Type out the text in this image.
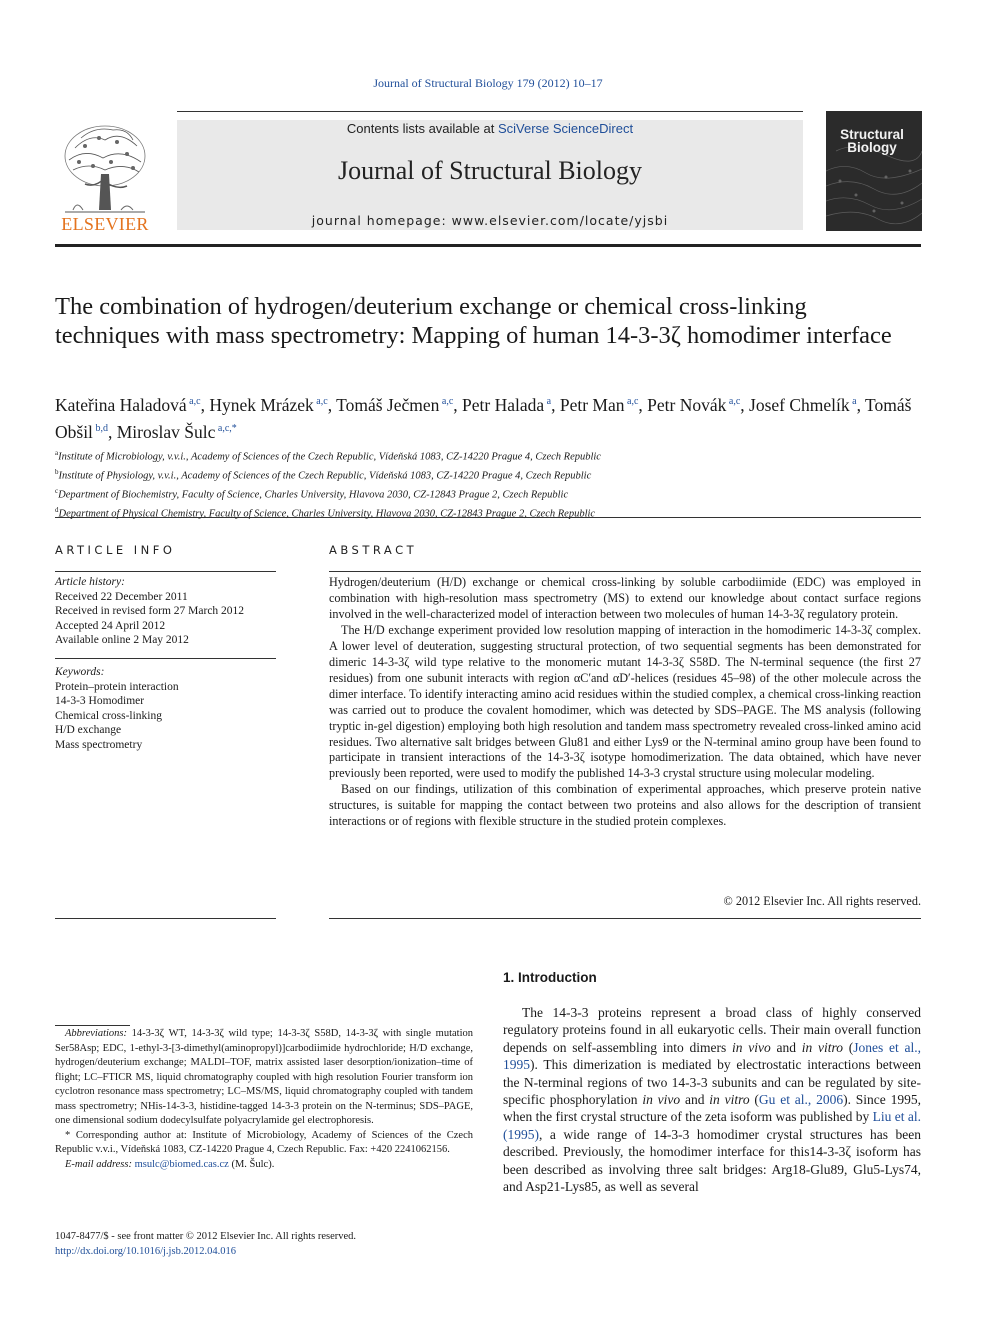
Journal of Structural Biology 179 (2012) 10–17
Contents lists available at SciVerse ScienceDirect
Journal of Structural Biology
journal homepage: www.elsevier.com/locate/yjsbi
ELSEVIER
Structural Biology
The combination of hydrogen/deuterium exchange or chemical cross-linking techniques with mass spectrometry: Mapping of human 14-3-3ζ homodimer interface
Kateřina Haladová $^{a,c}$, Hynek Mrázek $^{a,c}$, Tomáš Ječmen $^{a,c}$, Petr Halada $^a$, Petr Man $^{a,c}$, Petr Novák $^{a,c}$, Josef Chmelík $^a$, Tomáš Obšil $^{b,d}$, Miroslav Šulc $^{a,c,*}$
$^a$Institute of Microbiology, v.v.i., Academy of Sciences of the Czech Republic, Vídeňská 1083, CZ-14220 Prague 4, Czech Republic
$^b$Institute of Physiology, v.v.i., Academy of Sciences of the Czech Republic, Vídeňská 1083, CZ-14220 Prague 4, Czech Republic
$^c$Department of Biochemistry, Faculty of Science, Charles University, Hlavova 2030, CZ-12843 Prague 2, Czech Republic
$^d$Department of Physical Chemistry, Faculty of Science, Charles University, Hlavova 2030, CZ-12843 Prague 2, Czech Republic
ARTICLE INFO
Article history:
Received 22 December 2011
Received in revised form 27 March 2012
Accepted 24 April 2012
Available online 2 May 2012
Keywords:
Protein–protein interaction
14-3-3 Homodimer
Chemical cross-linking
H/D exchange
Mass spectrometry
ABSTRACT

Hydrogen/deuterium (H/D) exchange or chemical cross-linking by soluble carbodiimide (EDC) was employed in combination with high-resolution mass spectrometry (MS) to extend our knowledge about contact surface regions involved in the well-characterized model of interaction between two molecules of human 14-3-3ζ regulatory protein.

The H/D exchange experiment provided low resolution mapping of interaction in the homodimeric 14-3-3ζ complex. A lower level of deuteration, suggesting structural protection, of two sequential segments has been demonstrated for dimeric 14-3-3ζ wild type relative to the monomeric mutant 14-3-3ζ S58D. The N-terminal sequence (the first 27 residues) from one subunit interacts with region αC′and αD′-helices (residues 45–98) of the other molecule across the dimer interface. To identify interacting amino acid residues within the studied complex, a chemical cross-linking reaction was carried out to produce the covalent homodimer, which was detected by SDS–PAGE. The MS analysis (following tryptic in-gel digestion) employing both high resolution and tandem mass spectrometry revealed cross-linked amino acid residues. Two alternative salt bridges between Glu81 and either Lys9 or the N-terminal amino group have been found to participate in transient interactions of the 14-3-3ζ isotype homodimerization. The data obtained, which have never previously been reported, were used to modify the published 14-3-3 crystal structure using molecular modeling.

Based on our findings, utilization of this combination of experimental approaches, which preserve protein native structures, is suitable for mapping the contact between two proteins and also allows for the description of transient interactions or of regions with flexible structure in the studied protein complexes.

© 2012 Elsevier Inc. All rights reserved.

Abbreviations: 14-3-3ζ WT, 14-3-3ζ wild type; 14-3-3ζ S58D, 14-3-3ζ with single mutation Ser58Asp; EDC, 1-ethyl-3-[3-dimethyl(aminopropyl)]carbodiimide hydrochloride; H/D exchange, hydrogen/deuterium exchange; MALDI–TOF, matrix assisted laser desorption/ionization–time of flight; LC–FTICR MS, liquid chromatography coupled with high resolution Fourier transform ion cyclotron resonance mass spectrometry; LC–MS/MS, liquid chromatography coupled with tandem mass spectrometry; NHis-14-3-3, histidine-tagged 14-3-3 protein on the N-terminus; SDS–PAGE, one dimensional sodium dodecylsulfate polyacrylamide gel electrophoresis.

* Corresponding author at: Institute of Microbiology, Academy of Sciences of the Czech Republic v.v.i., Vídeňská 1083, CZ-14220 Prague 4, Czech Republic. Fax: +420 2241062156.

E-mail address: msulc@biomed.cas.cz (M. Šulc).

1047-8477/$ - see front matter © 2012 Elsevier Inc. All rights reserved.
http://dx.doi.org/10.1016/j.jsb.2012.04.016
1. Introduction
The 14-3-3 proteins represent a broad class of highly conserved regulatory proteins found in all eukaryotic cells. Their main overall function depends on self-assembling into dimers in vivo and in vitro (Jones et al., 1995). This dimerization is mediated by electrostatic interactions between the N-terminal regions of two 14-3-3 subunits and can be regulated by site-specific phosphorylation in vivo and in vitro (Gu et al., 2006). Since 1995, when the first crystal structure of the zeta isoform was published by Liu et al. (1995), a wide range of 14-3-3 homodimer crystal structures has been described. Previously, the homodimer interface for this14-3-3ζ isoform has been described as involving three salt bridges: Arg18-Glu89, Glu5-Lys74, and Asp21-Lys85, as well as several
